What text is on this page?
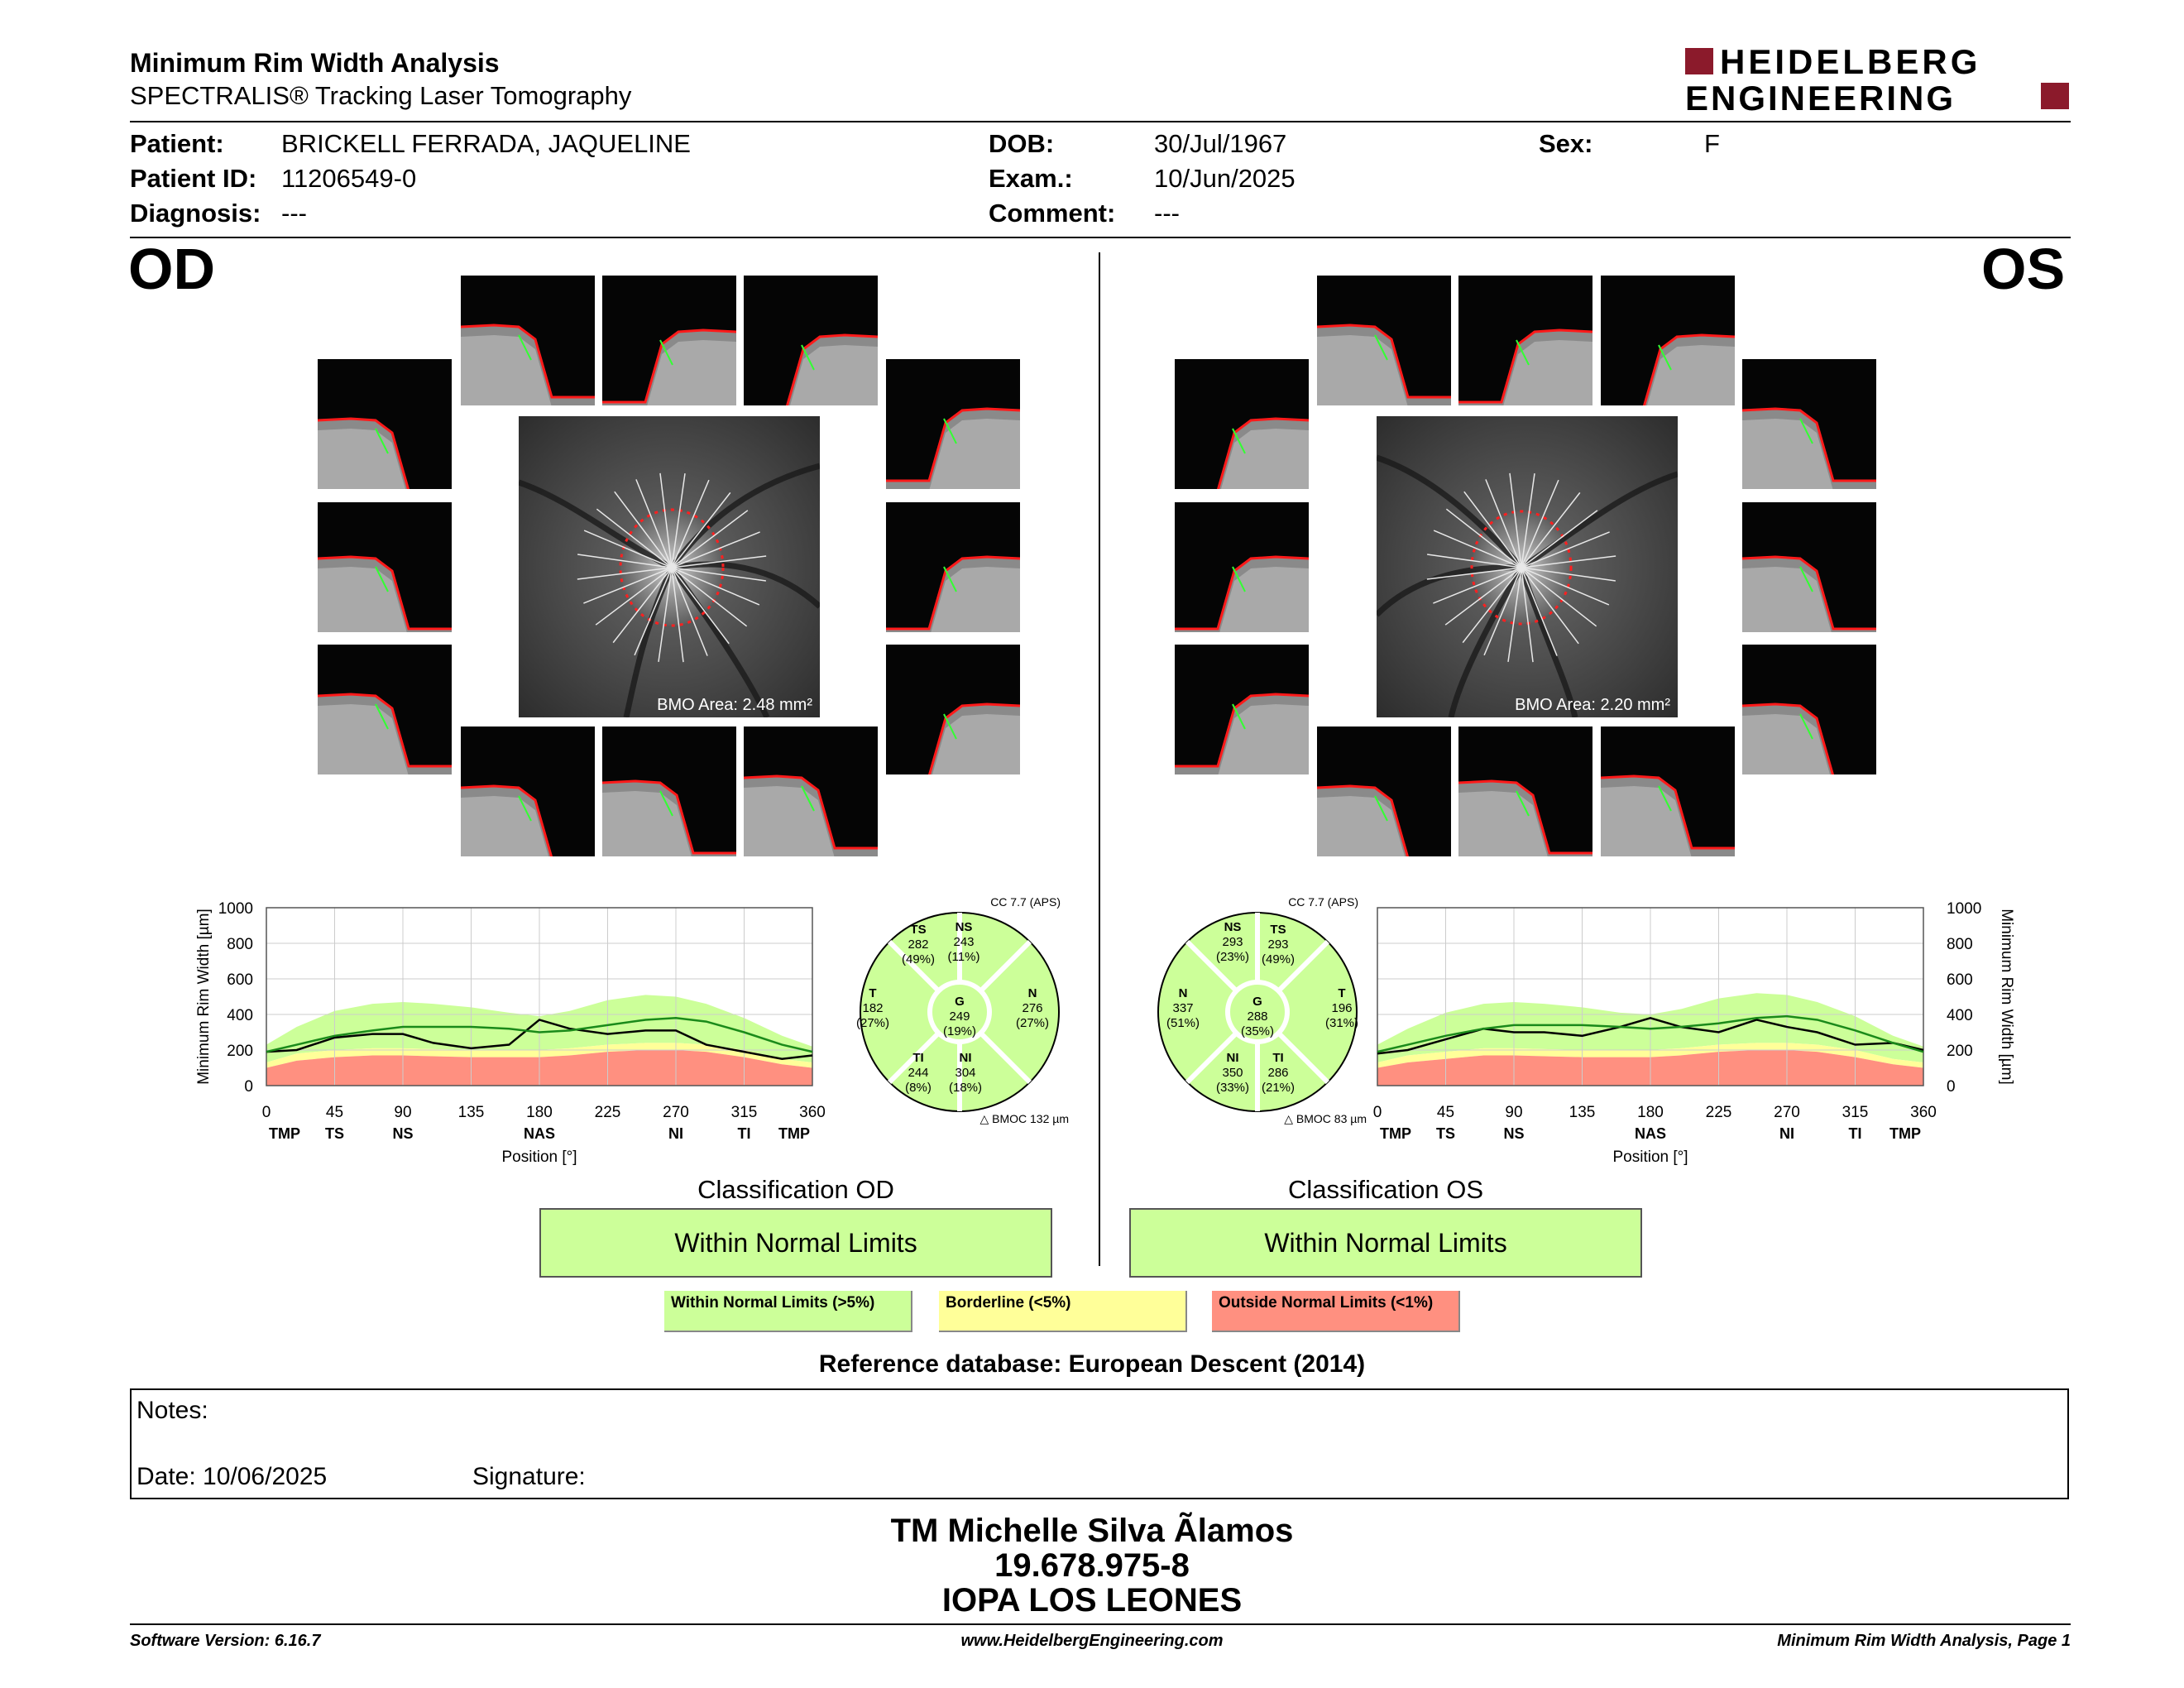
Minimum Rim Width Analysis
SPECTRALIS® Tracking Laser Tomography
HEIDELBERG
ENGINEERING
Patient: BRICKELL FERRADA, JAQUELINE
Patient ID: 11206549-0
Diagnosis: ---
DOB:	30/Jul/1967
Exam.:	10/Jun/2025
Comment: ---
Sex:	F
OD	OS
BMO Area: 2.48 mm²	BMO Area: 2.20 mm²
0
200
400
600
800
1000
0	45	90	135	180	225	270	315	360
TMP TS	NS	NAS	NI	TI TMP
Position [°]
Minimum Rim Width [µm]
0
200
400
600
800
1000
0	45	90	135	180	225	270	315	360
TMP TS	NS	NAS	NI	TI TMP
Position [°]
Minimum Rim Width [µm]
TS
282
(49%)
NS
243
(11%)
T
182
(27%)
G
249
(19%)
N
276
(27%)
TI
244
(8%)
NI
304
(18%)
CC 7.7 (APS)
△ BMOC 132 µm
NS
293
(23%)
TS
293
(49%)
N
337
(51%)
G
288
(35%)
T
196
(31%)
NI
350
(33%)
TI
286
(21%)
CC 7.7 (APS)
△ BMOC 83 µm
Classification OD
Within Normal Limits
Classification OS
Within Normal Limits
Within Normal Limits (>5%)	Borderline (<5%)	Outside Normal Limits (<1%)
Reference database: European Descent (2014)
Notes:
Date: 10/06/2025	Signature:
TM Michelle Silva Ãlamos
19.678.975-8
IOPA LOS LEONES
Software Version: 6.16.7	www.HeidelbergEngineering.com	Minimum Rim Width Analysis, Page 1
